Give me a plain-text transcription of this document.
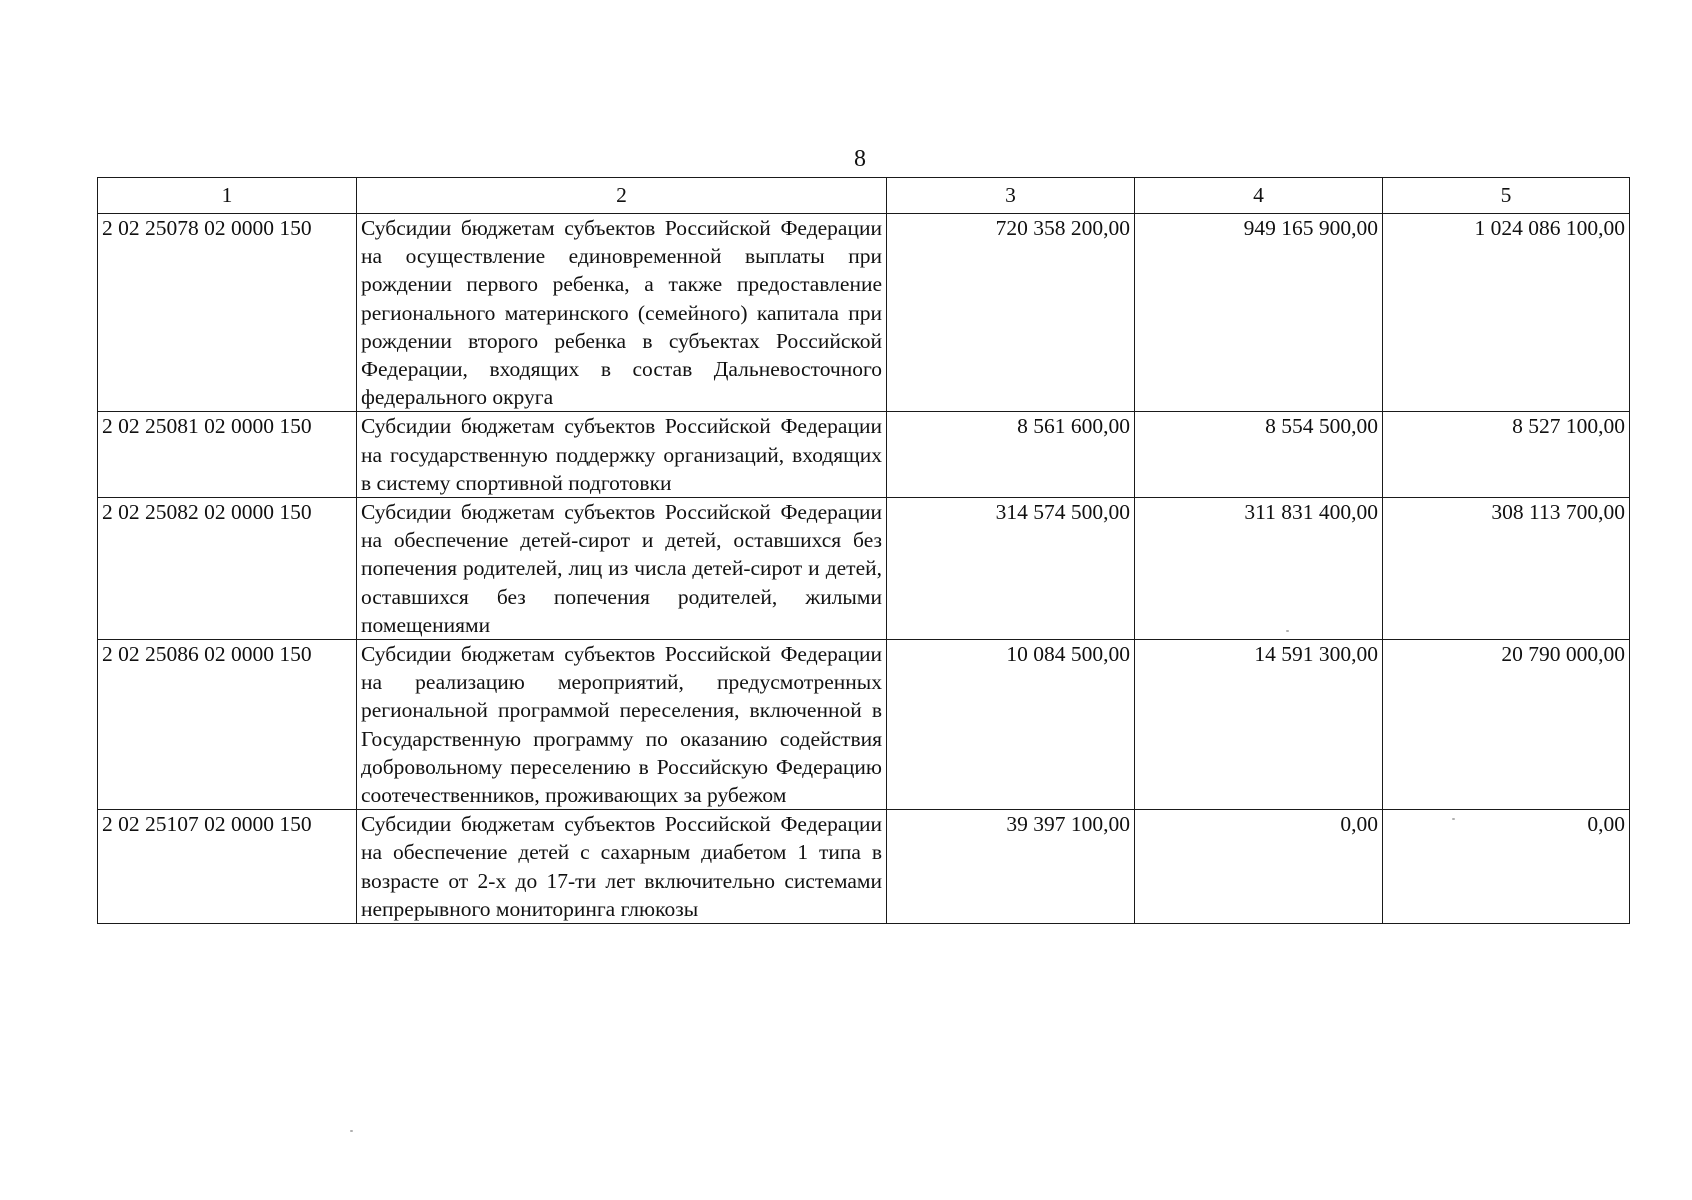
8
1	2	3	4	5
2 02 25078 02 0000 150	Субсидии бюджетам субъектов Российской Федерации на осуществление единовременной выплаты при рождении первого ребенка, а также предоставление регионального материнского (семейного) капитала при рождении второго ребенка в субъектах Российской Федерации, входящих в состав Дальневосточного федерального округа	720 358 200,00	949 165 900,00	1 024 086 100,00
2 02 25081 02 0000 150	Субсидии бюджетам субъектов Российской Федерации на государственную поддержку организаций, входящих в систему спортивной подготовки	8 561 600,00	8 554 500,00	8 527 100,00
2 02 25082 02 0000 150	Субсидии бюджетам субъектов Российской Федерации на обеспечение детей-сирот и детей, оставшихся без попечения родителей, лиц из числа детей-сирот и детей, оставшихся без попечения родителей, жилыми помещениями	314 574 500,00	311 831 400,00	308 113 700,00
2 02 25086 02 0000 150	Субсидии бюджетам субъектов Российской Федерации на реализацию мероприятий, предусмотренных региональной программой переселения, включенной в Государственную программу по оказанию содействия добровольному переселению в Российскую Федерацию соотечественников, проживающих за рубежом	10 084 500,00	14 591 300,00	20 790 000,00
2 02 25107 02 0000 150	Субсидии бюджетам субъектов Российской Федерации на обеспечение детей с сахарным диабетом 1 типа в возрасте от 2-х до 17-ти лет включительно системами непрерывного мониторинга глюкозы	39 397 100,00	0,00	0,00
